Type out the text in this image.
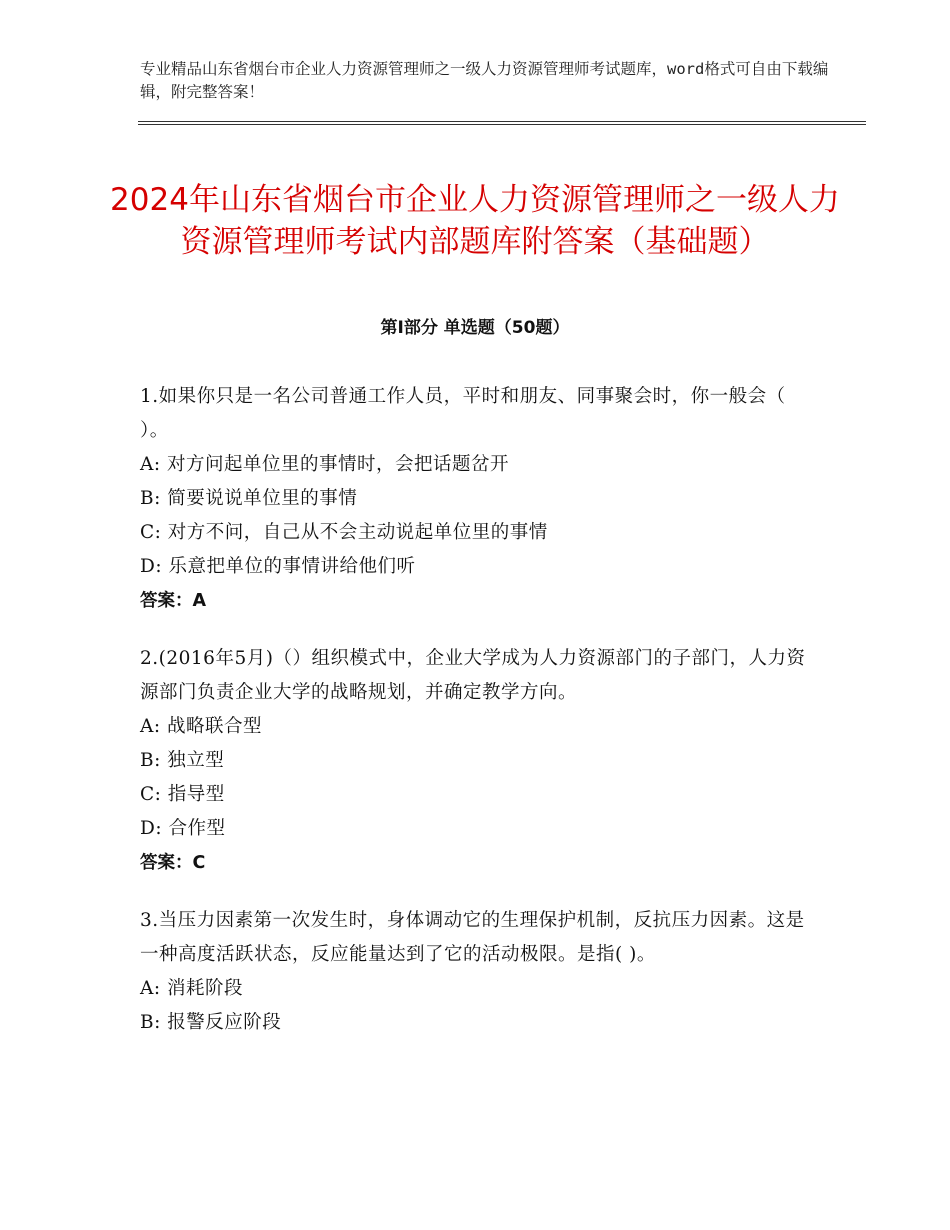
专业精品山东省烟台市企业人力资源管理师之一级人力资源管理师考试题库，word格式可自由下载编辑，附完整答案！
2024年山东省烟台市企业人力资源管理师之一级人力资源管理师考试内部题库附答案（基础题）
第Ⅰ部分 单选题（50题）
1.如果你只是一名公司普通工作人员，平时和朋友、同事聚会时，你一般会（ ）。
A: 对方问起单位里的事情时，会把话题岔开
B: 简要说说单位里的事情
C: 对方不问，自己从不会主动说起单位里的事情
D: 乐意把单位的事情讲给他们听
答案：A
2.(2016年5月)（）组织模式中，企业大学成为人力资源部门的子部门，人力资源部门负责企业大学的战略规划，并确定教学方向。
A: 战略联合型
B: 独立型
C: 指导型
D: 合作型
答案：C
3.当压力因素第一次发生时，身体调动它的生理保护机制，反抗压力因素。这是一种高度活跃状态，反应能量达到了它的活动极限。是指( )。
A: 消耗阶段
B: 报警反应阶段
